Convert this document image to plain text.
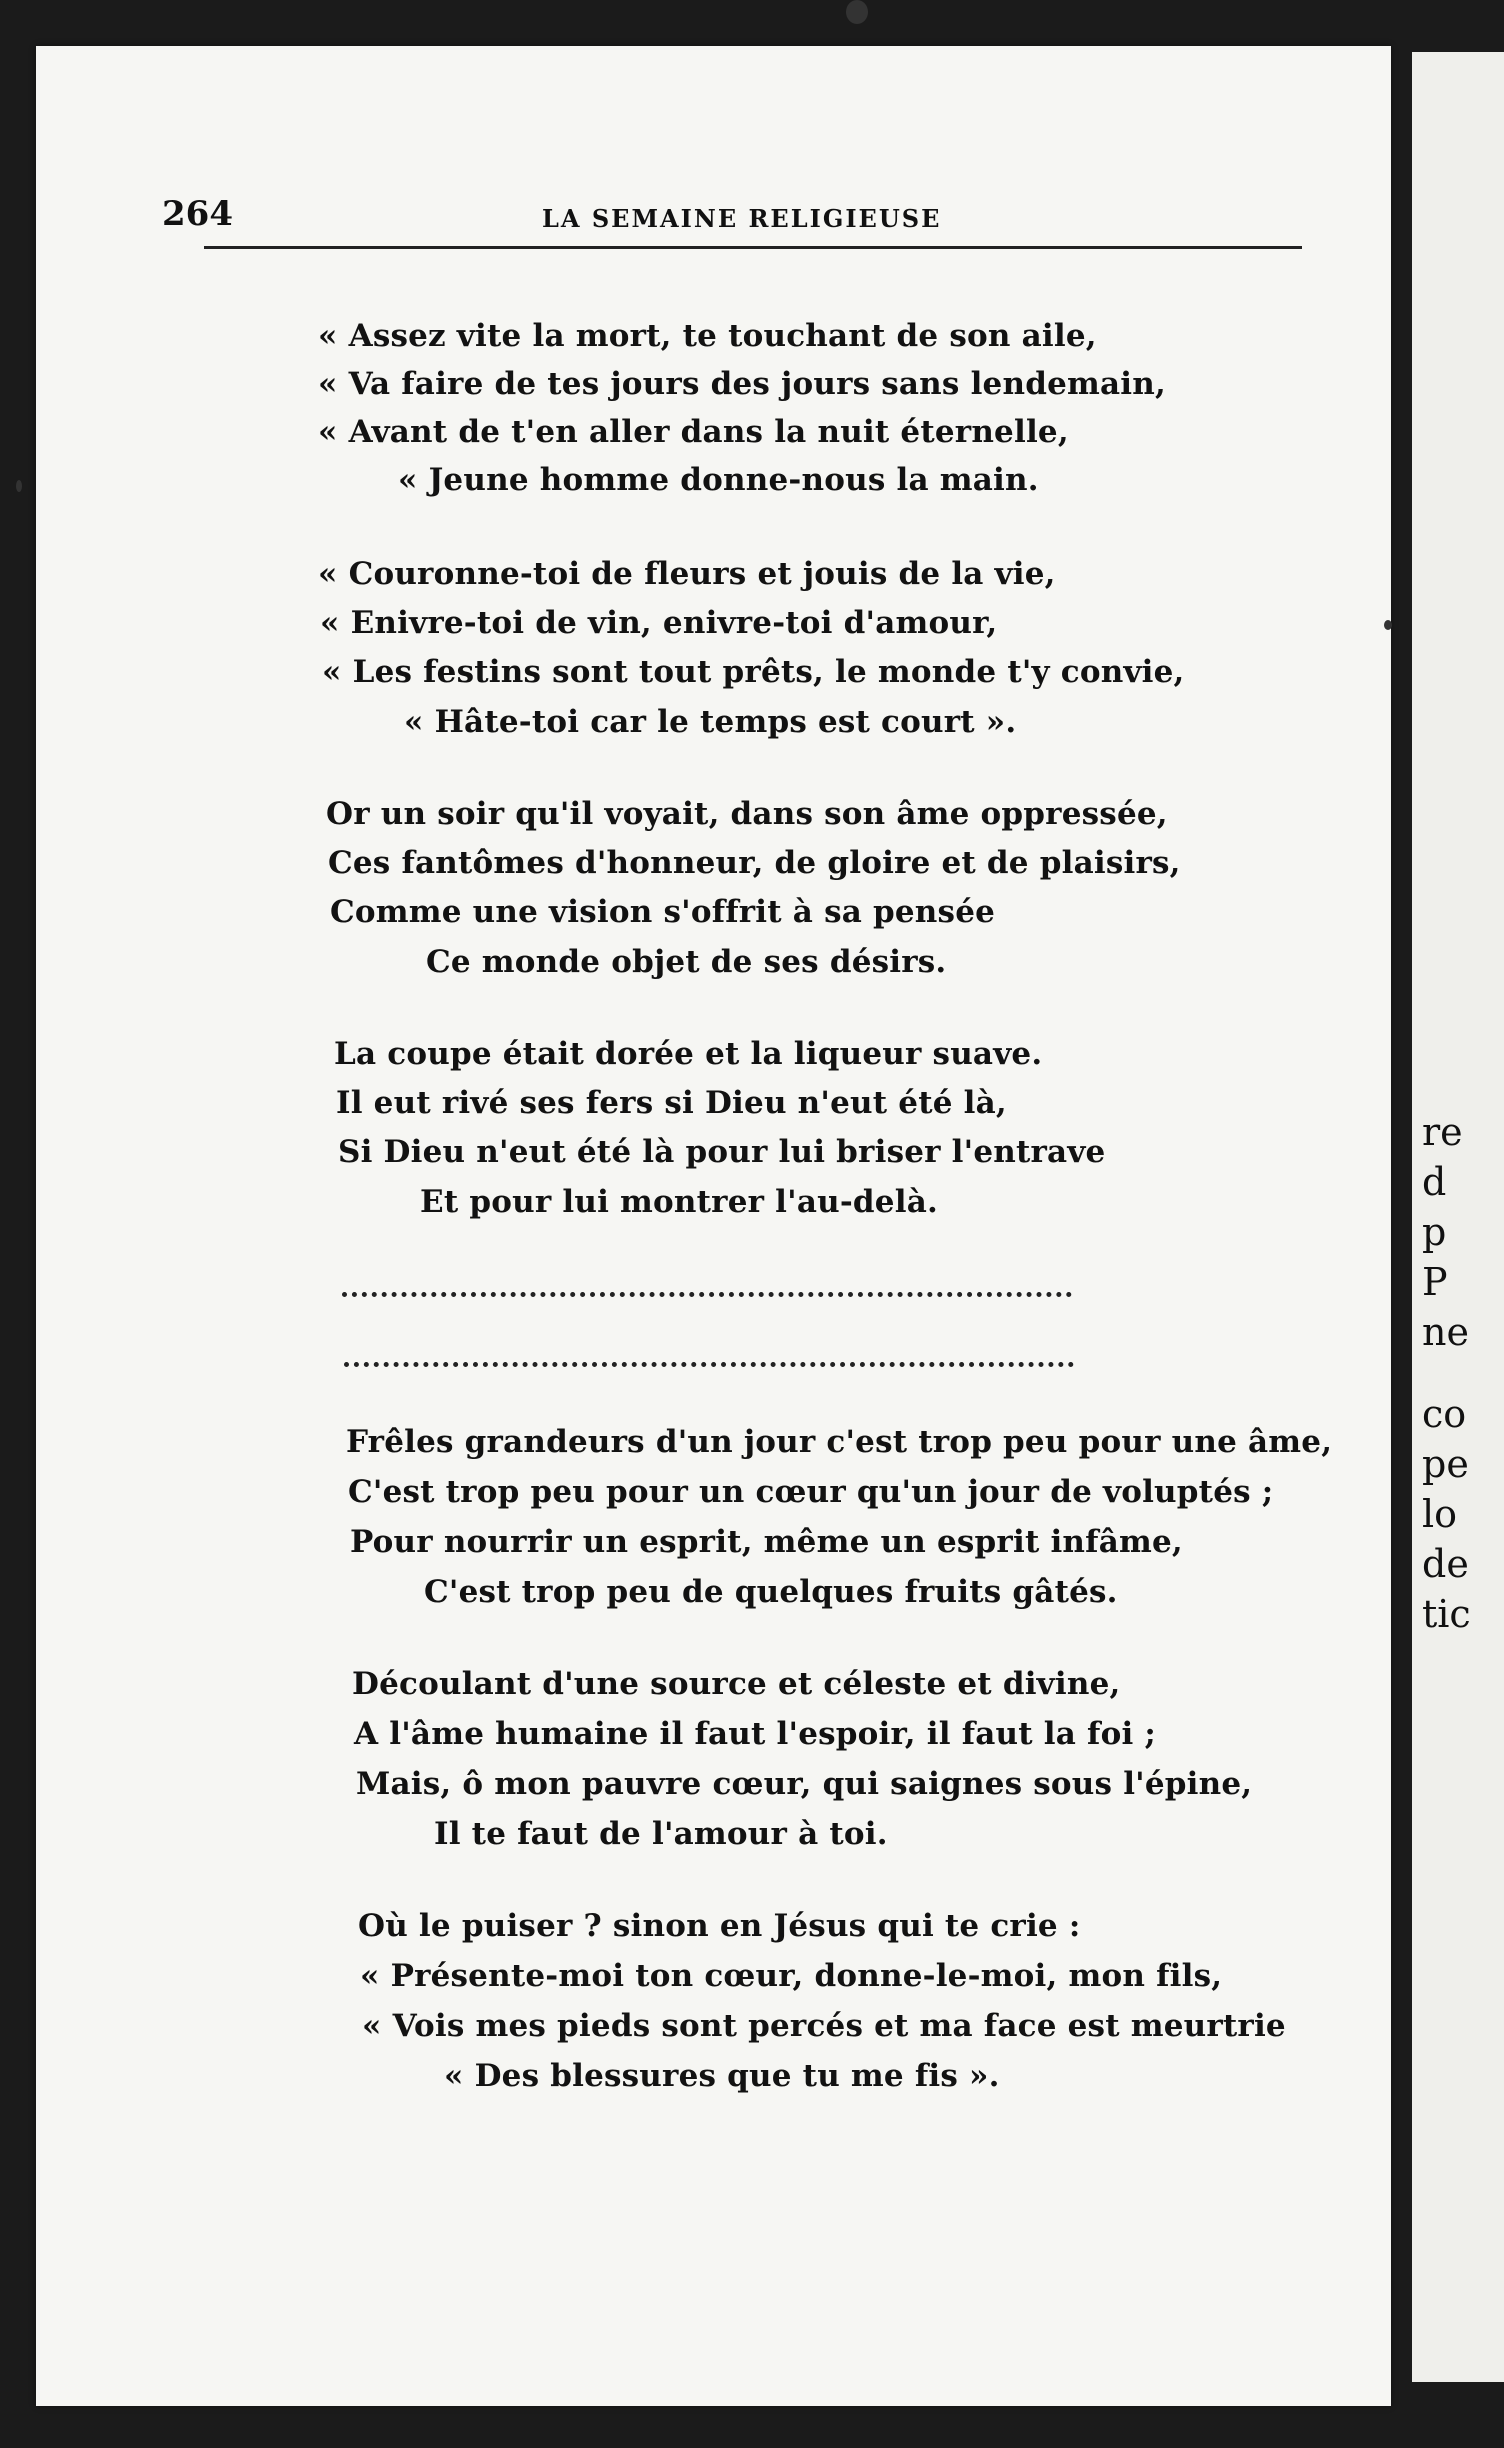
re
d
p
P
ne
co
pe
lo
de
tic
264	LA SEMAINE RELIGIEUSE
« Assez vite la mort, te touchant de son aile,
« Va faire de tes jours des jours sans lendemain,
« Avant de t'en aller dans la nuit éternelle,
« Jeune homme donne-nous la main.
« Couronne-toi de fleurs et jouis de la vie,
« Enivre-toi de vin, enivre-toi d'amour,
« Les festins sont tout prêts, le monde t'y convie,
« Hâte-toi car le temps est court ».
Or un soir qu'il voyait, dans son âme oppressée,
Ces fantômes d'honneur, de gloire et de plaisirs,
Comme une vision s'offrit à sa pensée
Ce monde objet de ses désirs.
La coupe était dorée et la liqueur suave.
Il eut rivé ses fers si Dieu n'eut été là,
Si Dieu n'eut été là pour lui briser l'entrave
Et pour lui montrer l'au-delà.
Frêles grandeurs d'un jour c'est trop peu pour une âme,
C'est trop peu pour un cœur qu'un jour de voluptés ;
Pour nourrir un esprit, même un esprit infâme,
C'est trop peu de quelques fruits gâtés.
Découlant d'une source et céleste et divine,
A l'âme humaine il faut l'espoir, il faut la foi ;
Mais, ô mon pauvre cœur, qui saignes sous l'épine,
Il te faut de l'amour à toi.
Où le puiser ? sinon en Jésus qui te crie :
« Présente-moi ton cœur, donne-le-moi, mon fils,
« Vois mes pieds sont percés et ma face est meurtrie
« Des blessures que tu me fis ».
